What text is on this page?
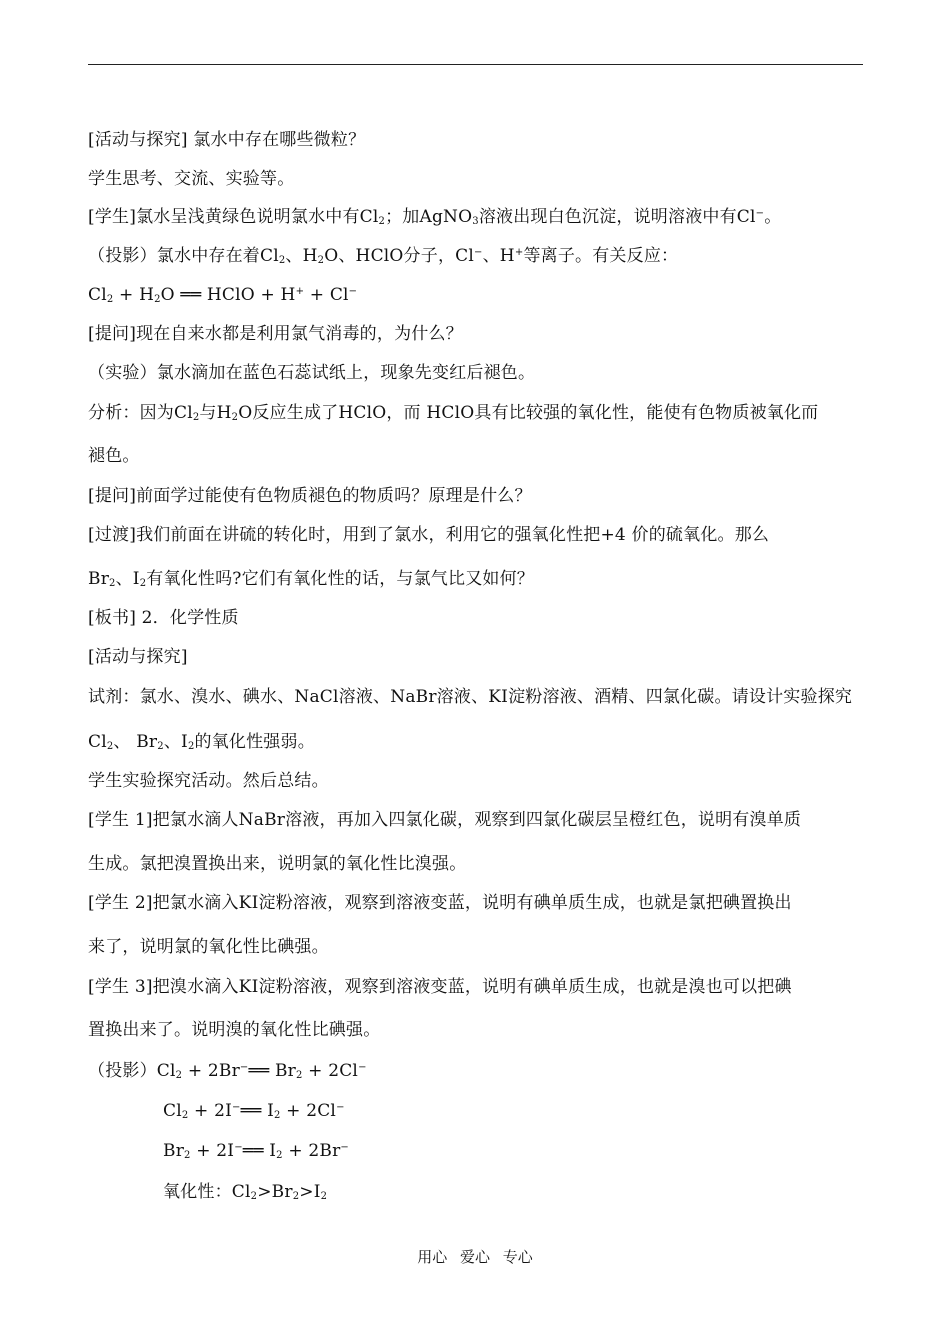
[活动与探究] 氯水中存在哪些微粒？
学生思考、交流、实验等。
[学生]氯水呈浅黄绿色说明氯水中有$Cl_2$；加AgNO$_3$溶液出现白色沉淀，说明溶液中有Cl−。
（投影）氯水中存在着$Cl_2$、$H_2O$、HClO分子，Cl−、H+等离子。有关反应：
$Cl_2 + H_2O$ ══ HClO + H+ + Cl−
[提问]现在自来水都是利用氯气消毒的，为什么？
（实验）氯水滴加在蓝色石蕊试纸上，现象先变红后褪色。
分析：因为$Cl_2$与$H_2O$反应生成了HClO，而 HClO具有比较强的氧化性，能使有色物质被氧化而
褪色。
[提问]前面学过能使有色物质褪色的物质吗？原理是什么？
[过渡]我们前面在讲硫的转化时，用到了氯水，利用它的强氧化性把+4 价的硫氧化。那么
$Br_2$、$I_2$有氧化性吗?它们有氧化性的话，与氯气比又如何？
[板书] 2．化学性质
[活动与探究]
试剂：氯水、溴水、碘水、NaCl溶液、NaBr溶液、KI淀粉溶液、酒精、四氯化碳。请设计实验探究
$Cl_2$、 $Br_2$、$I_2$的氧化性强弱。
学生实验探究活动。然后总结。
[学生 1]把氯水滴人NaBr溶液，再加入四氯化碳，观察到四氯化碳层呈橙红色，说明有溴单质
生成。氯把溴置换出来，说明氯的氧化性比溴强。
[学生 2]把氯水滴入KI淀粉溶液，观察到溶液变蓝，说明有碘单质生成，也就是氯把碘置换出
来了，说明氯的氧化性比碘强。
[学生 3]把溴水滴入KI淀粉溶液，观察到溶液变蓝，说明有碘单质生成，也就是溴也可以把碘
置换出来了。说明溴的氧化性比碘强。
（投影）$Cl_2$ + 2Br−══ $Br_2 + 2Cl^-$
$Cl_2$ + 2I−══ $I_2 + 2Cl^-$
$Br_2$ + 2I−══ $I_2 + 2Br^-$
氧化性：$Cl_2>Br_2>I_2$
用心 爱心 专心
